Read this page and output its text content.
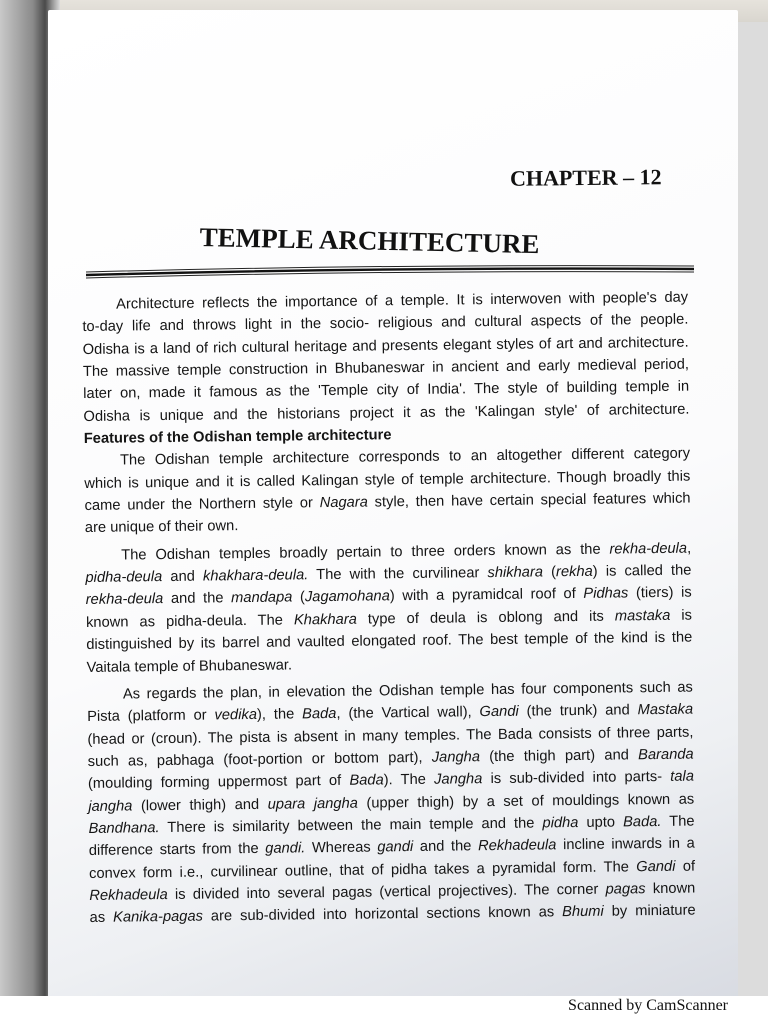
CHAPTER – 12
TEMPLE ARCHITECTURE
Architecture reflects the importance of a temple. It is interwoven with people's day
to-day life and throws light in the socio- religious and cultural aspects of the people.
Odisha is a land of rich cultural heritage and presents elegant styles of art and architecture.
The massive temple construction in Bhubaneswar in ancient and early medieval period,
later on, made it famous as the 'Temple city of India'. The style of building temple in
Odisha is unique and the historians project it as the 'Kalingan style' of architecture.
Features of the Odishan temple architecture
The Odishan temple architecture corresponds to an altogether different category
which is unique and it is called Kalingan style of temple architecture. Though broadly this
came under the Northern style or Nagara style, then have certain special features which
are unique of their own.
The Odishan temples broadly pertain to three orders known as the rekha-deula,
pidha-deula and khakhara-deula. The with the curvilinear shikhara (rekha) is called the
rekha-deula and the mandapa (Jagamohana) with a pyramidcal roof of Pidhas (tiers) is
known as pidha-deula. The Khakhara type of deula is oblong and its mastaka is
distinguished by its barrel and vaulted elongated roof. The best temple of the kind is the
Vaitala temple of Bhubaneswar.
As regards the plan, in elevation the Odishan temple has four components such as
Pista (platform or vedika), the Bada, (the Vartical wall), Gandi (the trunk) and Mastaka
(head or (croun). The pista is absent in many temples. The Bada consists of three parts,
such as, pabhaga (foot-portion or bottom part), Jangha (the thigh part) and Baranda
(moulding forming uppermost part of Bada). The Jangha is sub-divided into parts- tala
jangha (lower thigh) and upara jangha (upper thigh) by a set of mouldings known as
Bandhana. There is similarity between the main temple and the pidha upto Bada. The
difference starts from the gandi. Whereas gandi and the Rekhadeula incline inwards in a
convex form i.e., curvilinear outline, that of pidha takes a pyramidal form. The Gandi of
Rekhadeula is divided into several pagas (vertical projectives). The corner pagas known
as Kanika-pagas are sub-divided into horizontal sections known as Bhumi by miniature
Scanned by CamScanner
